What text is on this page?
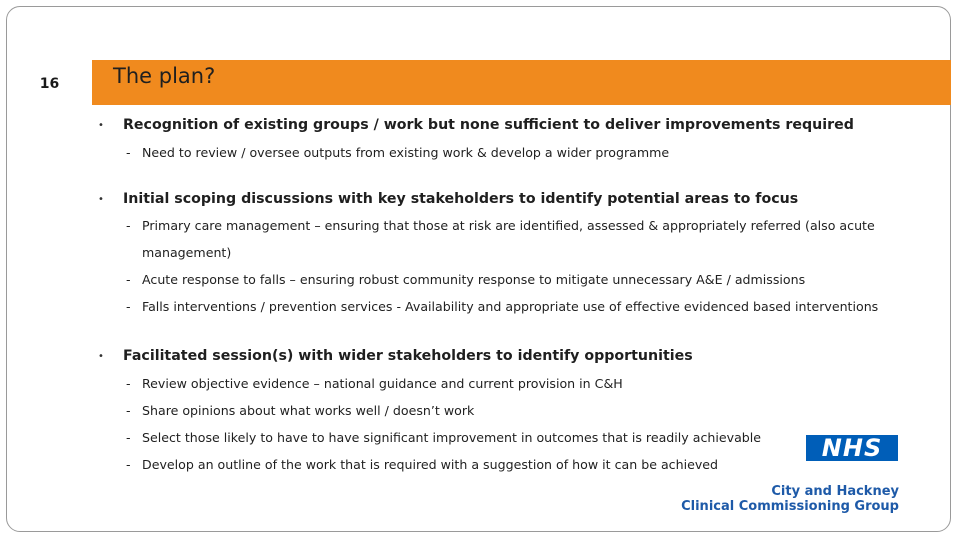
16	The plan?
• Recognition of existing groups / work but none sufficient to deliver improvements required
- Need to review / oversee outputs from existing work & develop a wider programme
• Initial scoping discussions with key stakeholders to identify potential areas to focus
- Primary care management – ensuring that those at risk are identified, assessed & appropriately referred (also acute
management)
- Acute response to falls – ensuring robust community response to mitigate unnecessary A&E / admissions
- Falls interventions / prevention services - Availability and appropriate use of effective evidenced based interventions
• Facilitated session(s) with wider stakeholders to identify opportunities
- Review objective evidence – national guidance and current provision in C&H
- Share opinions about what works well / doesn’t work
- Select those likely to have to have significant improvement in outcomes that is readily achievable
- Develop an outline of the work that is required with a suggestion of how it can be achieved
NHS
City and Hackney
Clinical Commissioning Group
